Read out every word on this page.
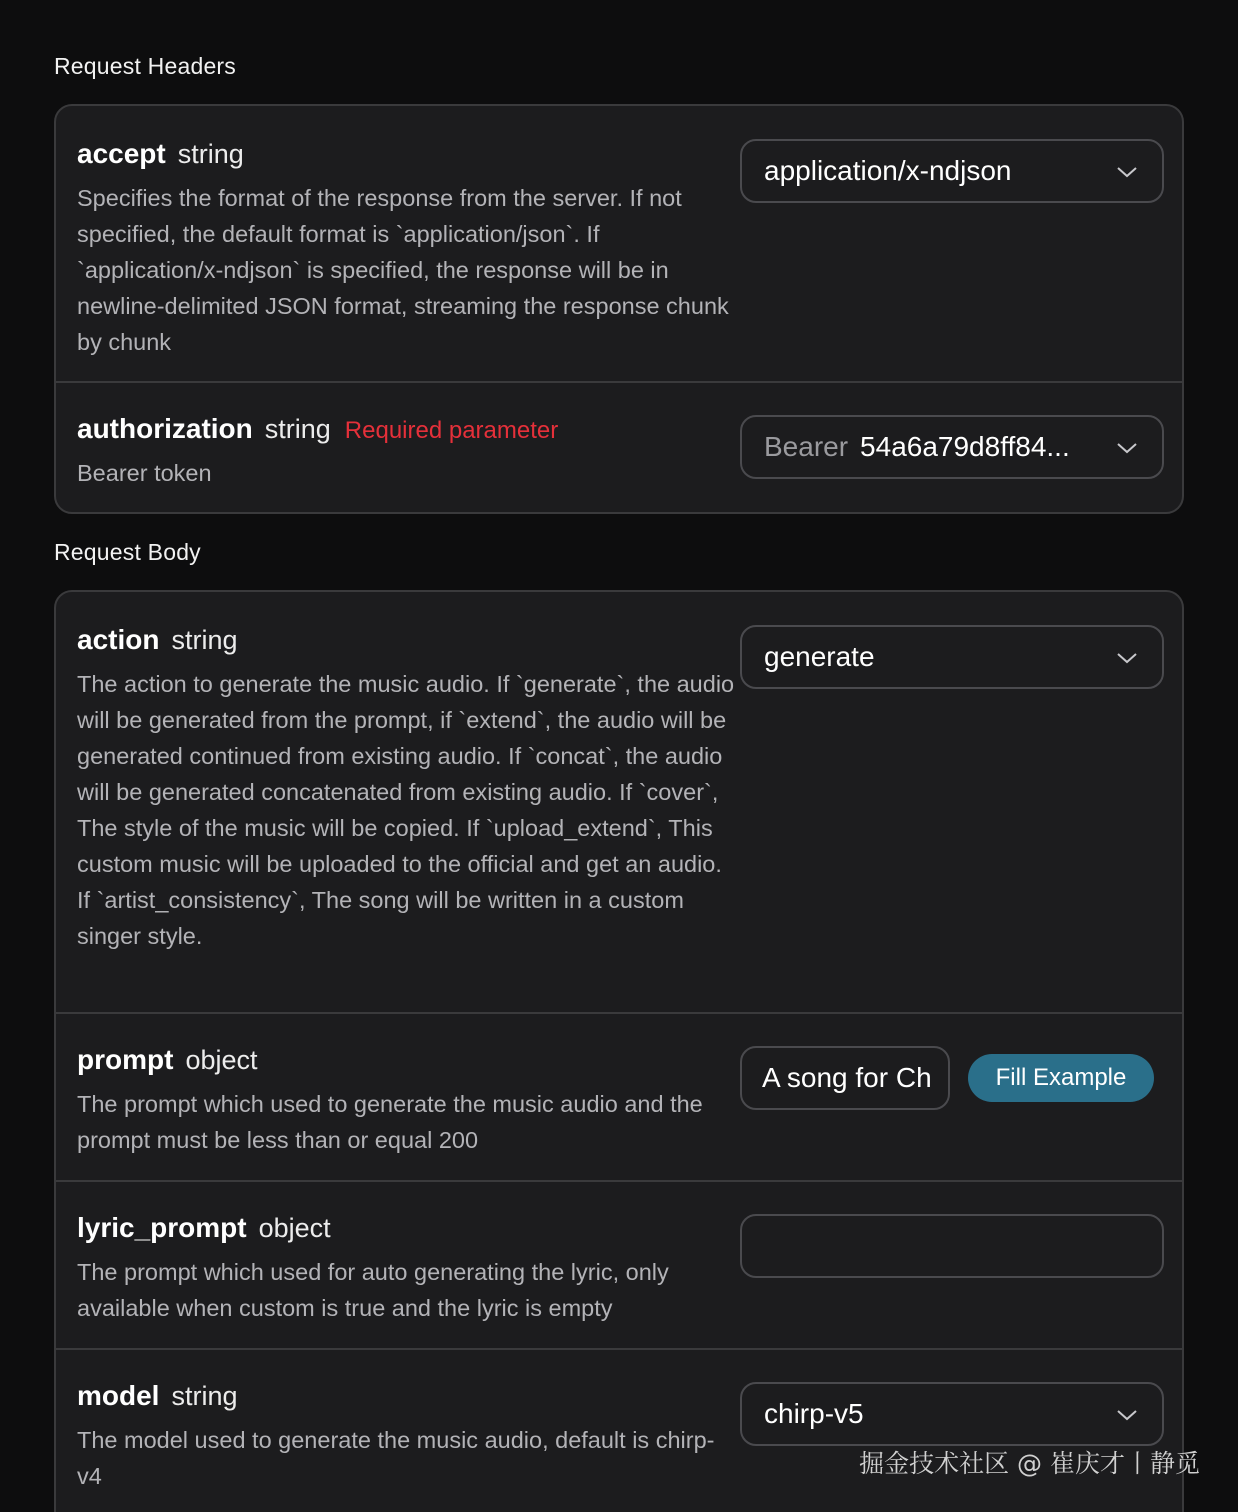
Request Headers
accept string
Specifies the format of the response from the server. If not specified, the default format is `application/json`. If `application/x-ndjson` is specified, the response will be in newline-delimited JSON format, streaming the response chunk by chunk
application/x-ndjson
authorization string Required parameter
Bearer token
Bearer 54a6a79d8ff84...
Request Body
action string
The action to generate the music audio. If `generate`, the audio will be generated from the prompt, if `extend`, the audio will be generated continued from existing audio. If `concat`, the audio will be generated concatenated from existing audio. If `cover`, The style of the music will be copied. If `upload_extend`, This custom music will be uploaded to the official and get an audio. If `artist_consistency`, The song will be written in a custom singer style.
generate
prompt object
The prompt which used to generate the music audio and the prompt must be less than or equal 200
A song for Ch	Fill Example
lyric_prompt object
The prompt which used for auto generating the lyric, only available when custom is true and the lyric is empty
model string
The model used to generate the music audio, default is chirp-v4
chirp-v5
掘金技术社区 @ 崔庆才丨静觅
